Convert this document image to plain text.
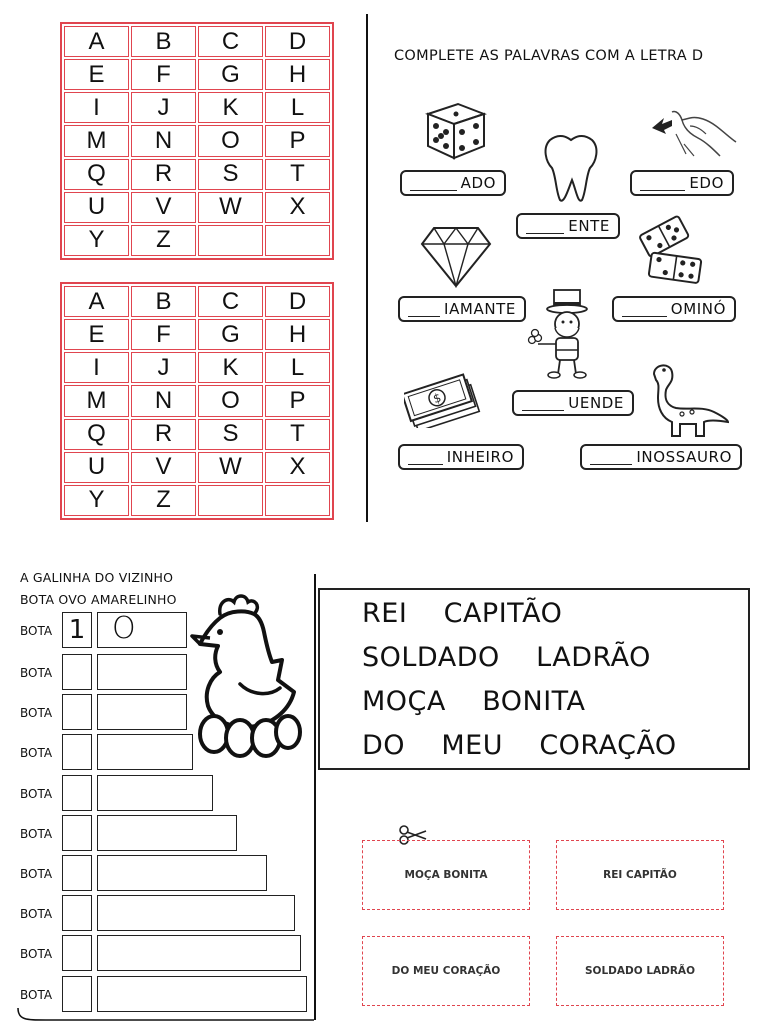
A	B	C	D
E	F	G	H
I	J	K	L
M	N	O	P
Q	R	S	T
U	V	W	X
Y	Z
A	B	C	D
E	F	G	H
I	J	K	L
M	N	O	P
Q	R	S	T
U	V	W	X
Y	Z
COMPLETE AS PALAVRAS COM A LETRA D
$
ADO	EDO
ENTE
IAMANTE	OMINÓ
UENDE
INHEIRO	INOSSAURO
A GALINHA DO VIZINHO
BOTA OVO AMARELINHO
BOTA 1 O
BOTA
BOTA
BOTA
BOTA
BOTA
BOTA
BOTA
BOTA
BOTA
REI    CAPITÃO
SOLDADO    LADRÃO
MOÇA    BONITA
DO    MEU    CORAÇÃO
MOÇA BONITA	REI CAPITÃO
DO MEU CORAÇÃO	SOLDADO LADRÃO
